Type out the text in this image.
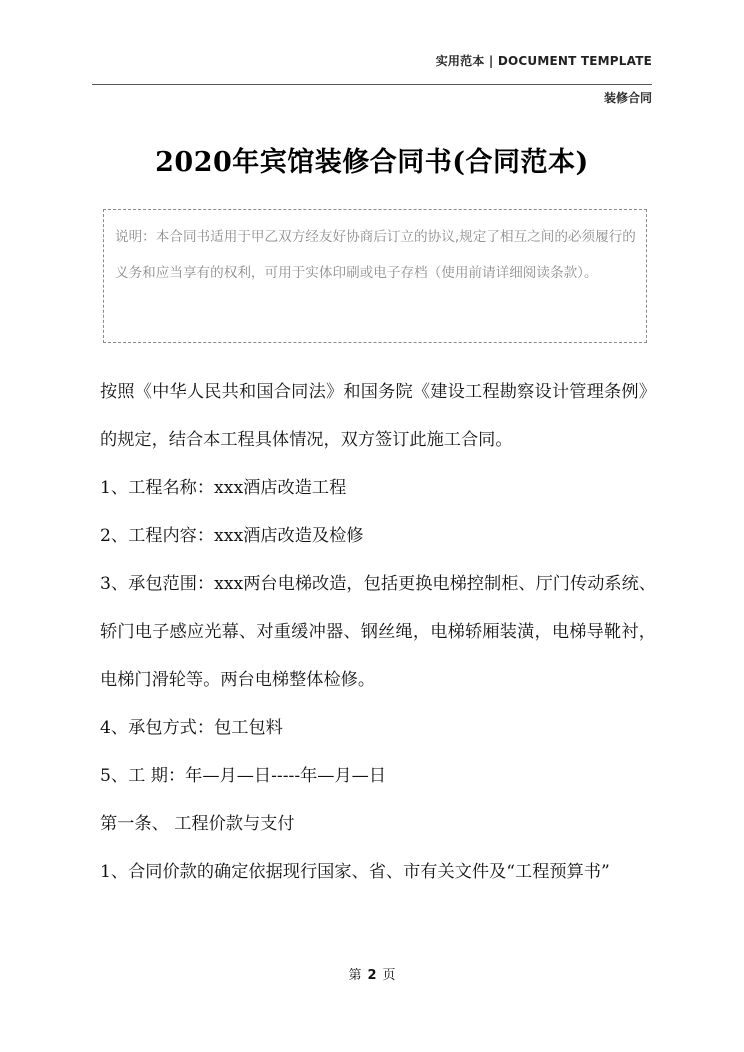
实用范本 | DOCUMENT TEMPLATE
装修合同
2020年宾馆装修合同书(合同范本)
说明：本合同书适用于甲乙双方经友好协商后订立的协议,规定了相互之间的必须履行的义务和应当享有的权利，可用于实体印刷或电子存档（使用前请详细阅读条款）。

按照《中华人民共和国合同法》和国务院《建设工程勘察设计管理条例》的规定，结合本工程具体情况，双方签订此施工合同。

1、工程名称：xxx酒店改造工程

2、工程内容：xxx酒店改造及检修

3、承包范围：xxx两台电梯改造，包括更换电梯控制柜、厅门传动系统、轿门电子感应光幕、对重缓冲器、钢丝绳，电梯轿厢装潢，电梯导靴衬，电梯门滑轮等。两台电梯整体检修。

4、承包方式：包工包料

5、工 期：年—月—日-----年—月—日

第一条、 工程价款与支付

1、合同价款的确定依据现行国家、省、市有关文件及“工程预算书”

第 2 页
